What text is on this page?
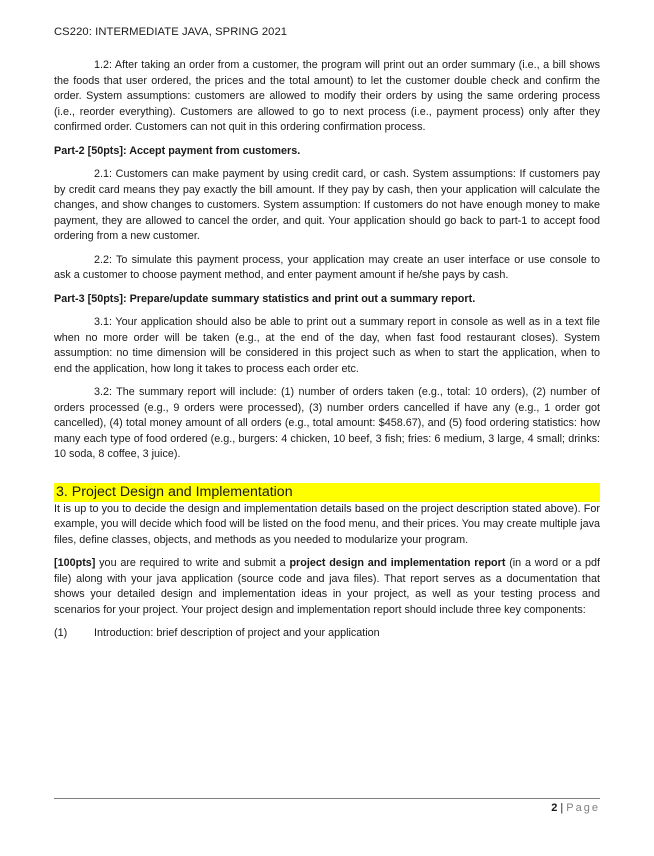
CS220: INTERMEDIATE JAVA, SPRING 2021

1.2: After taking an order from a customer, the program will print out an order summary (i.e., a bill shows the foods that user ordered, the prices and the total amount) to let the customer double check and confirm the order. System assumptions: customers are allowed to modify their orders by using the same ordering process (i.e., reorder everything). Customers are allowed to go to next process (i.e., payment process) only after they confirmed order. Customers can not quit in this ordering confirmation process.

Part-2 [50pts]: Accept payment from customers.

2.1: Customers can make payment by using credit card, or cash. System assumptions: If customers pay by credit card means they pay exactly the bill amount. If they pay by cash, then your application will calculate the changes, and show changes to customers. System assumption: If customers do not have enough money to make payment, they are allowed to cancel the order, and quit. Your application should go back to part-1 to accept food ordering from a new customer.

2.2: To simulate this payment process, your application may create an user interface or use console to ask a customer to choose payment method, and enter payment amount if he/she pays by cash.

Part-3 [50pts]: Prepare/update summary statistics and print out a summary report.

3.1: Your application should also be able to print out a summary report in console as well as in a text file when no more order will be taken (e.g., at the end of the day, when fast food restaurant closes). System assumption: no time dimension will be considered in this project such as when to start the application, when to end the application, how long it takes to process each order etc.

3.2: The summary report will include: (1) number of orders taken (e.g., total: 10 orders), (2) number of orders processed (e.g., 9 orders were processed), (3) number orders cancelled if have any (e.g., 1 order got cancelled), (4) total money amount of all orders (e.g., total amount: $458.67), and (5) food ordering statistics: how many each type of food ordered (e.g., burgers: 4 chicken, 10 beef, 3 fish; fries: 6 medium, 3 large, 4 small; drinks: 10 soda, 8 coffee, 3 juice).

3. Project Design and Implementation

It is up to you to decide the design and implementation details based on the project description stated above). For example, you will decide which food will be listed on the food menu, and their prices. You may create multiple java files, define classes, objects, and methods as you needed to modularize your program.

[100pts] you are required to write and submit a project design and implementation report (in a word or a pdf file) along with your java application (source code and java files). That report serves as a documentation that shows your detailed design and implementation ideas in your project, as well as your testing process and scenarios for your project. Your project design and implementation report should include three key components:

(1)	Introduction: brief description of project and your application
2 | Page
